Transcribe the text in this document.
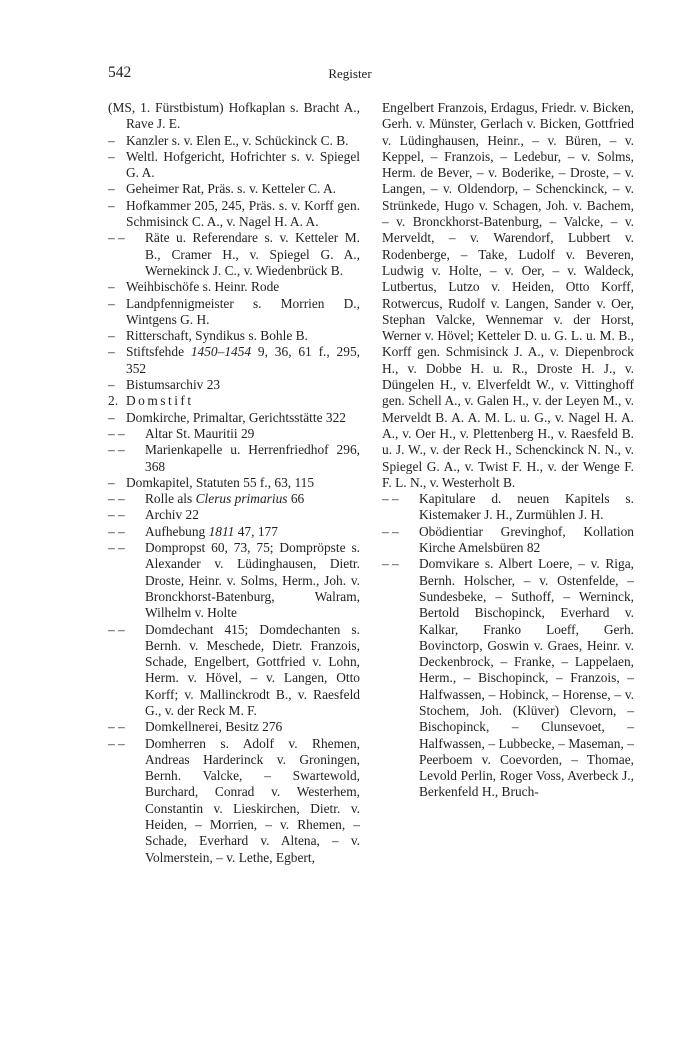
542	Register
(MS, 1. Fürstbistum) Hofkaplan s. Bracht A., Rave J. E.
– Kanzler s. v. Elen E., v. Schückinck C. B.
– Weltl. Hofgericht, Hofrichter s. v. Spiegel G. A.
– Geheimer Rat, Präs. s. v. Ketteler C. A.
– Hofkammer 205, 245, Präs. s. v. Korff gen. Schmisinck C. A., v. Nagel H. A. A.
– – Räte u. Referendare s. v. Ketteler M. B., Cramer H., v. Spiegel G. A., Wernekinck J. C., v. Wiedenbrück B.
– Weihbischöfe s. Heinr. Rode
– Landpfennigmeister s. Morrien D., Wintgens G. H.
– Ritterschaft, Syndikus s. Bohle B.
– Stiftsfehde 1450–1454 9, 36, 61 f., 295, 352
– Bistumsarchiv 23
2. Domstift
– Domkirche, Primaltar, Gerichtsstätte 322
– – Altar St. Mauritii 29
– – Marienkapelle u. Herrenfriedhof 296, 368
– Domkapitel, Statuten 55 f., 63, 115
– – Rolle als Clerus primarius 66
– – Archiv 22
– – Aufhebung 1811 47, 177
– – Dompropst 60, 73, 75; Dompröpste s. Alexander v. Lüdinghausen, Dietr. Droste, Heinr. v. Solms, Herm., Joh. v. Bronckhorst-Batenburg, Walram, Wilhelm v. Holte
– – Domdechant 415; Domdechanten s. Bernh. v. Meschede, Dietr. Franzois, Schade, Engelbert, Gottfried v. Lohn, Herm. v. Hövel, – v. Langen, Otto Korff; v. Mallinckrodt B., v. Raesfeld G., v. der Reck M. F.
– – Domkellnerei, Besitz 276
– – Domherren s. Adolf v. Rhemen, Andreas Harderinck v. Groningen, Bernh. Valcke, – Swartewold, Burchard, Conrad v. Westerhem, Constantin v. Lieskirchen, Dietr. v. Heiden, – Morrien, – v. Rhemen, – Schade, Everhard v. Altena, – v. Volmerstein, – v. Lethe, Egbert,
Engelbert Franzois, Erdagus, Friedr. v. Bicken, Gerh. v. Münster, Gerlach v. Bicken, Gottfried v. Lüdinghausen, Heinr., – v. Büren, – v. Keppel, – Franzois, – Ledebur, – v. Solms, Herm. de Bever, – v. Boderike, – Droste, – v. Langen, – v. Oldendorp, – Schenckinck, – v. Strünkede, Hugo v. Schagen, Joh. v. Bachem, – v. Bronckhorst-Batenburg, – Valcke, – v. Merveldt, – v. Warendorf, Lubbert v. Rodenberge, – Take, Ludolf v. Beveren, Ludwig v. Holte, – v. Oer, – v. Waldeck, Lutbertus, Lutzo v. Heiden, Otto Korff, Rotwercus, Rudolf v. Langen, Sander v. Oer, Stephan Valcke, Wennemar v. der Horst, Werner v. Hövel; Ketteler D. u. G. L. u. M. B., Korff gen. Schmisinck J. A., v. Diepenbrock H., v. Dobbe H. u. R., Droste H. J., v. Düngelen H., v. Elverfeldt W., v. Vittinghoff gen. Schell A., v. Galen H., v. der Leyen M., v. Merveldt B. A. A. M. L. u. G., v. Nagel H. A. A., v. Oer H., v. Plettenberg H., v. Raesfeld B. u. J. W., v. der Reck H., Schenckinck N. N., v. Spiegel G. A., v. Twist F. H., v. der Wenge F. F. L. N., v. Westerholt B.
– – Kapitulare d. neuen Kapitels s. Kistemaker J. H., Zurmühlen J. H.
– – Obödientiar Grevinghof, Kollation Kirche Amelsbüren 82
– – Domvikare s. Albert Loere, – v. Riga, Bernh. Holscher, – v. Ostenfelde, – Sundesbeke, – Suthoff, – Werninck, Bertold Bischopinck, Everhard v. Kalkar, Franko Loeff, Gerh. Bovinctorp, Goswin v. Graes, Heinr. v. Deckenbrock, – Franke, – Lappelaen, Herm., – Bischopinck, – Franzois, – Halfwassen, – Hobinck, – Horense, – v. Stochem, Joh. (Klüver) Clevorn, – Bischopinck, – Clunsevoet, – Halfwassen, – Lubbecke, – Maseman, – Peerboem v. Coevorden, – Thomae, Levold Perlin, Roger Voss, Averbeck J., Berkenfeld H., Bruch-
